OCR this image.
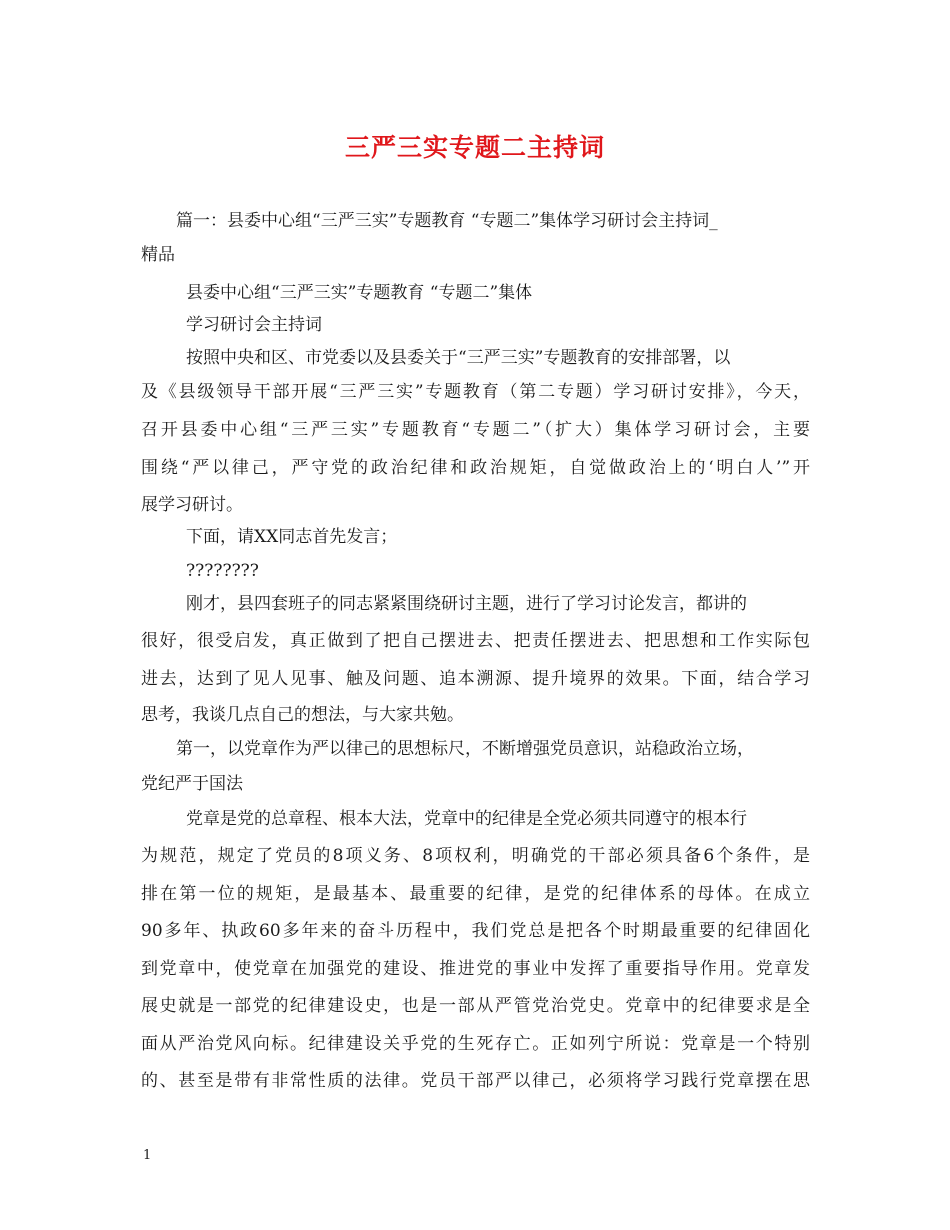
三严三实专题二主持词
篇一：县委中心组“三严三实”专题教育 “专题二”集体学习研讨会主持词_
精品
县委中心组“三严三实”专题教育 “专题二”集体
学习研讨会主持词
按照中央和区、市党委以及县委关于“三严三实”专题教育的安排部署，以
及《县级领导干部开展“三严三实”专题教育（第二专题）学习研讨安排》，今天，
召开县委中心组“三严三实”专题教育“专题二”（扩大）集体学习研讨会，主要
围绕“严以律己，严守党的政治纪律和政治规矩，自觉做政治上的‘明白人’”开
展学习研讨。
下面，请XX同志首先发言；
????????
刚才，县四套班子的同志紧紧围绕研讨主题，进行了学习讨论发言，都讲的
很好，很受启发，真正做到了把自己摆进去、把责任摆进去、把思想和工作实际包
进去，达到了见人见事、触及问题、追本溯源、提升境界的效果。下面，结合学习
思考，我谈几点自己的想法，与大家共勉。
第一，以党章作为严以律己的思想标尺，不断增强党员意识，站稳政治立场，
党纪严于国法
党章是党的总章程、根本大法，党章中的纪律是全党必须共同遵守的根本行
为规范，规定了党员的8项义务、8项权利，明确党的干部必须具备6个条件，是
排在第一位的规矩，是最基本、最重要的纪律，是党的纪律体系的母体。在成立
90多年、执政60多年来的奋斗历程中，我们党总是把各个时期最重要的纪律固化
到党章中，使党章在加强党的建设、推进党的事业中发挥了重要指导作用。党章发
展史就是一部党的纪律建设史，也是一部从严管党治党史。党章中的纪律要求是全
面从严治党风向标。纪律建设关乎党的生死存亡。正如列宁所说：党章是一个特别
的、甚至是带有非常性质的法律。党员干部严以律己，必须将学习践行党章摆在思
1
